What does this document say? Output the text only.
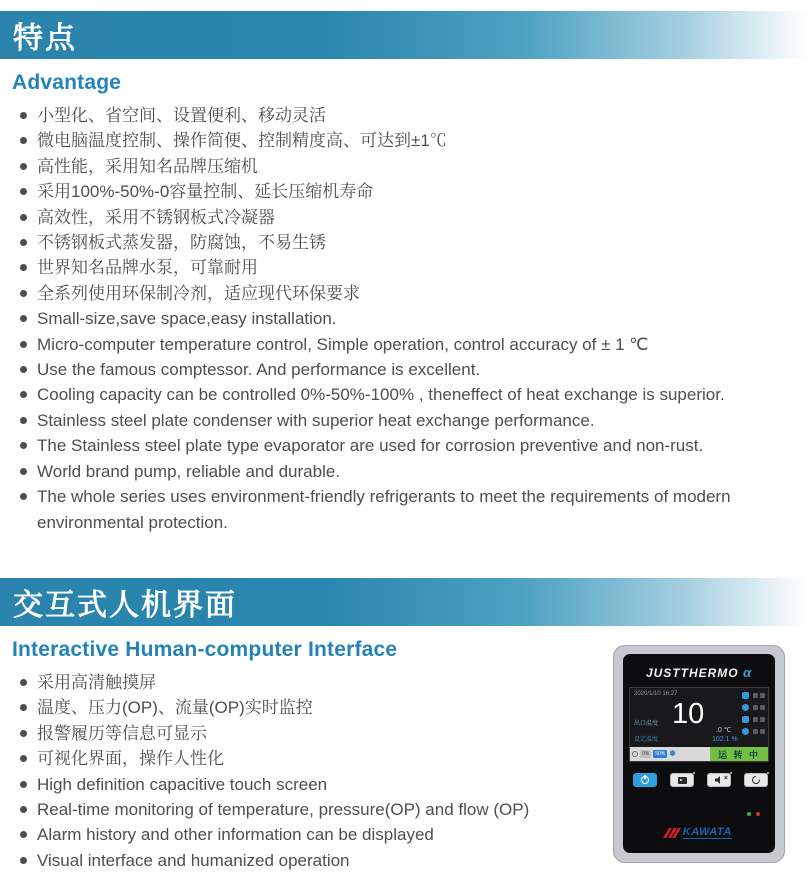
特点
Advantage
小型化、省空间、设置便利、移动灵活
微电脑温度控制、操作简便、控制精度高、可达到±1℃
高性能，采用知名品牌压缩机
采用100%-50%-0容量控制、延长压缩机寿命
高效性，采用不锈钢板式冷凝器
不锈钢板式蒸发器，防腐蚀，不易生锈
世界知名品牌水泵，可靠耐用
全系列使用环保制冷剂，适应现代环保要求
Small-size,save space,easy installation.
Micro-computer temperature control, Simple operation, control accuracy of ± 1 ℃
Use the famous comptessor. And performance is excellent.
Cooling capacity can be controlled 0%-50%-100% , theneffect of heat exchange is superior.
Stainless steel plate condenser with superior heat exchange performance.
The Stainless steel plate type evaporator are used for corrosion preventive and non-rust.
World brand pump, reliable and durable.
The whole series uses environment-friendly refrigerants to meet the requirements of modern environmental protection.
交互式人机界面
Interactive Human-computer Interface
采用高清触摸屏
温度、压力(OP)、流量(OP)实时监控
报警履历等信息可显示
可视化界面，操作人性化
High definition capacitive touch screen
Real-time monitoring of temperature, pressure(OP) and flow (OP)
Alarm history and other information can be displayed
Visual interface and humanized operation
JUSTTHERMO α
2020/1/10 16:27
出口温度
设定温度
10
.0 ℃
102.1 %
0%	50% ❅	运 转 中
×
KAWATA
